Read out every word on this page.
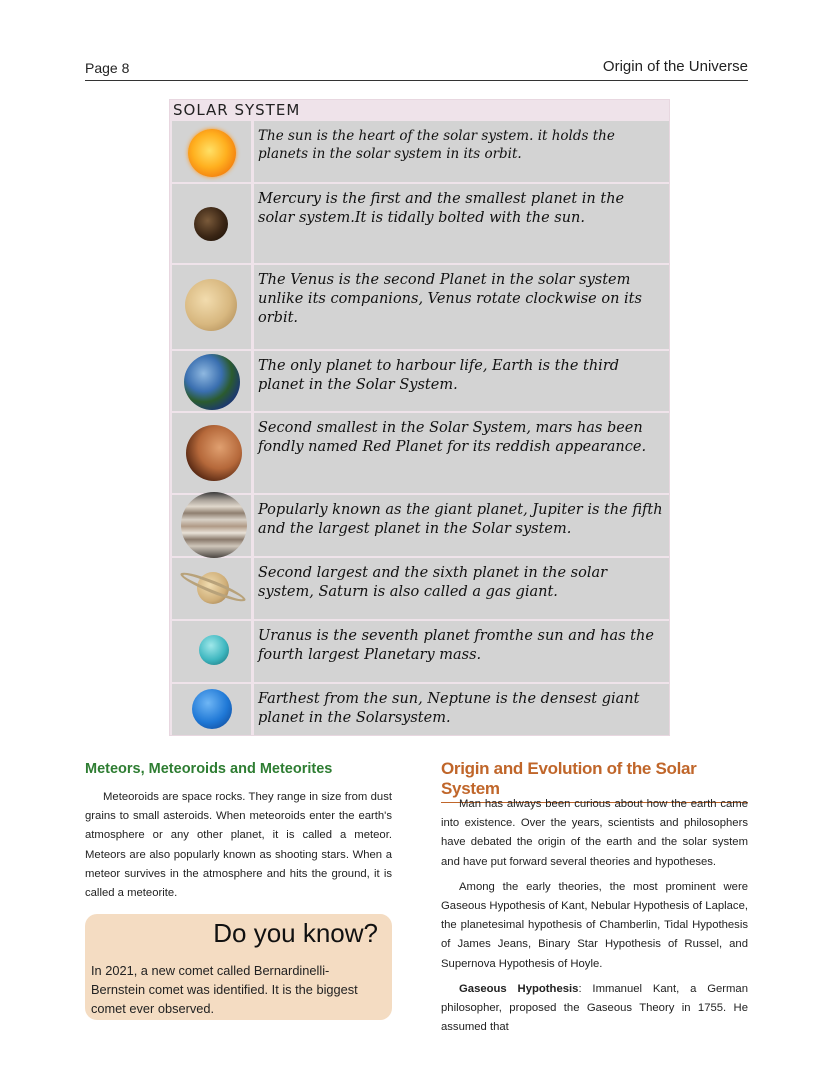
Page 8	Origin of the Universe
SOLAR SYSTEM
The sun is the heart of the solar system. it holds the planets in the solar system in its orbit.
Mercury is the first and the smallest planet in the solar system.It is tidally bolted with the sun.
The Venus is the second Planet in the solar system unlike its companions, Venus rotate clockwise on its orbit.
The only planet to harbour life, Earth is the third planet in the Solar System.
Second smallest in the Solar System, mars has been fondly named Red Planet for its reddish appearance.
Popularly known as the giant planet, Jupiter is the fifth and the largest planet in the Solar system.
Second largest and the sixth planet in the solar system, Saturn is also called a gas giant.
Uranus is the seventh planet fromthe sun and has the fourth largest Planetary mass.
Farthest from the sun, Neptune is the densest giant planet in the Solarsystem.
Meteors, Meteoroids and Meteorites
Meteoroids are space rocks. They range in size from dust grains to small asteroids. When meteoroids enter the earth's atmosphere or any other planet, it is called a meteor. Meteors are also popularly known as shooting stars. When a meteor survives in the atmosphere and hits the ground, it is called a meteorite.
Do you know?
In 2021, a new comet called Bernardinelli-Bernstein comet was identified. It is the biggest comet ever observed.
Origin and Evolution of the Solar System

Man has always been curious about how the earth came into existence. Over the years, scientists and philosophers have debated the origin of the earth and the solar system and have put forward several theories and hypotheses.

Among the early theories, the most prominent were Gaseous Hypothesis of Kant, Nebular Hypothesis of Laplace, the planetesimal hypothesis of Chamberlin, Tidal Hypothesis of James Jeans, Binary Star Hypothesis of Russel, and Supernova Hypothesis of Hoyle.

Gaseous Hypothesis: Immanuel Kant, a German philosopher, proposed the Gaseous Theory in 1755. He assumed that
